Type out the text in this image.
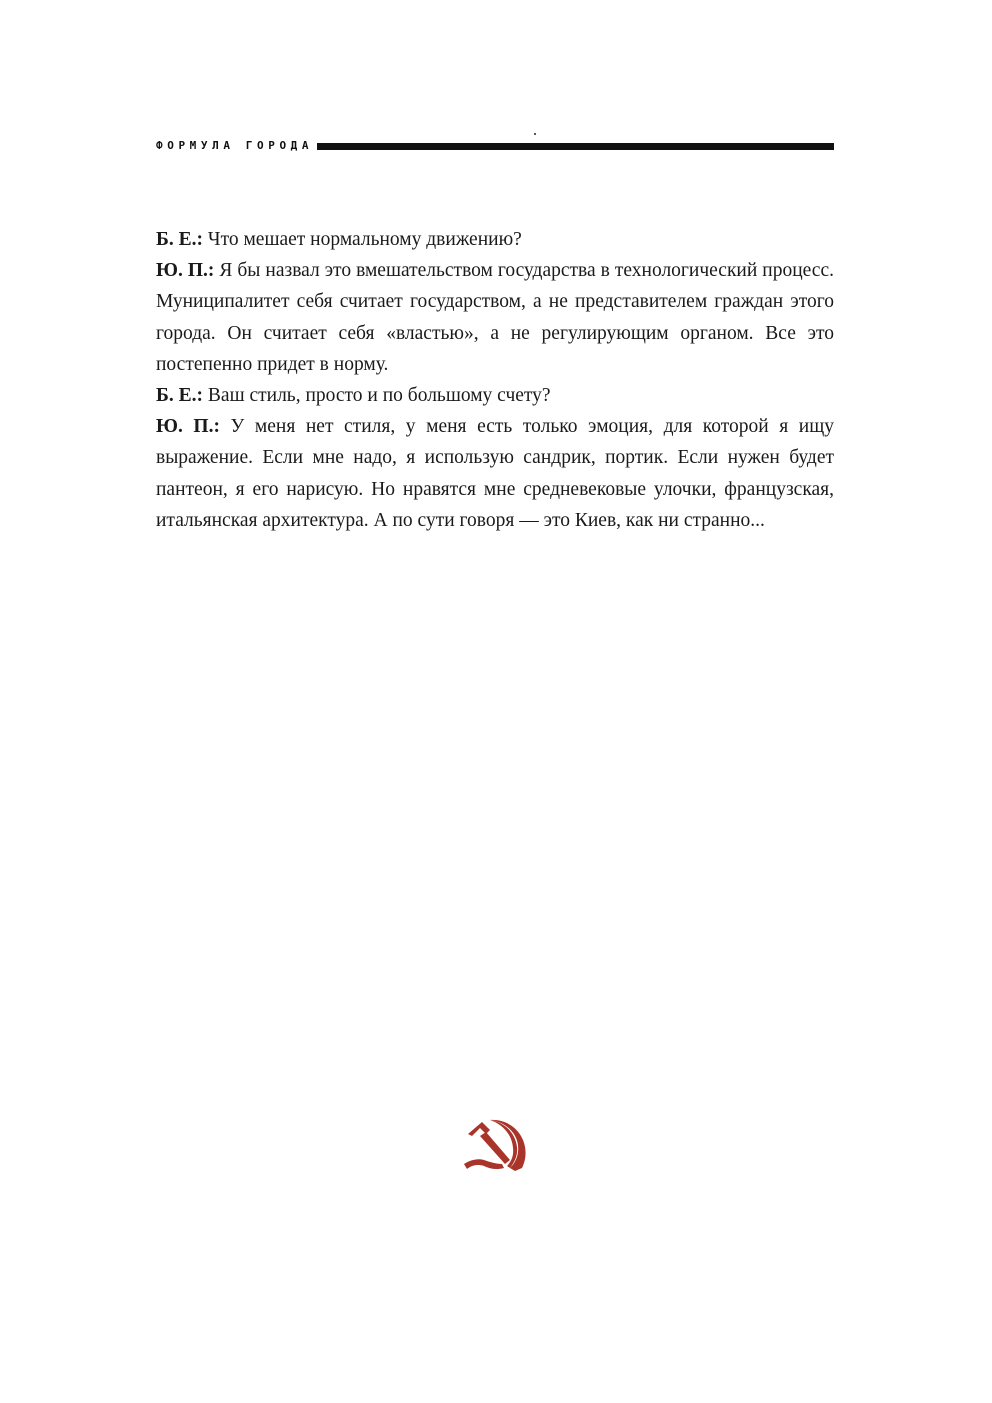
ФОРМУЛА ГОРОДА

Б. Е.: Что мешает нормальному движению?

Ю. П.: Я бы назвал это вмешательством государства в технологический процесс. Муниципалитет себя считает государством, а не представителем граждан этого города. Он считает себя «властью», а не регулирующим органом. Все это постепенно придет в норму.

Б. Е.: Ваш стиль, просто и по большому счету?

Ю. П.: У меня нет стиля, у меня есть только эмоция, для которой я ищу выражение. Если мне надо, я использую сандрик, портик. Если нужен будет пантеон, я его нарисую. Но нравятся мне средневековые улочки, французская, итальянская архитектура. А по сути говоря — это Киев, как ни странно...
